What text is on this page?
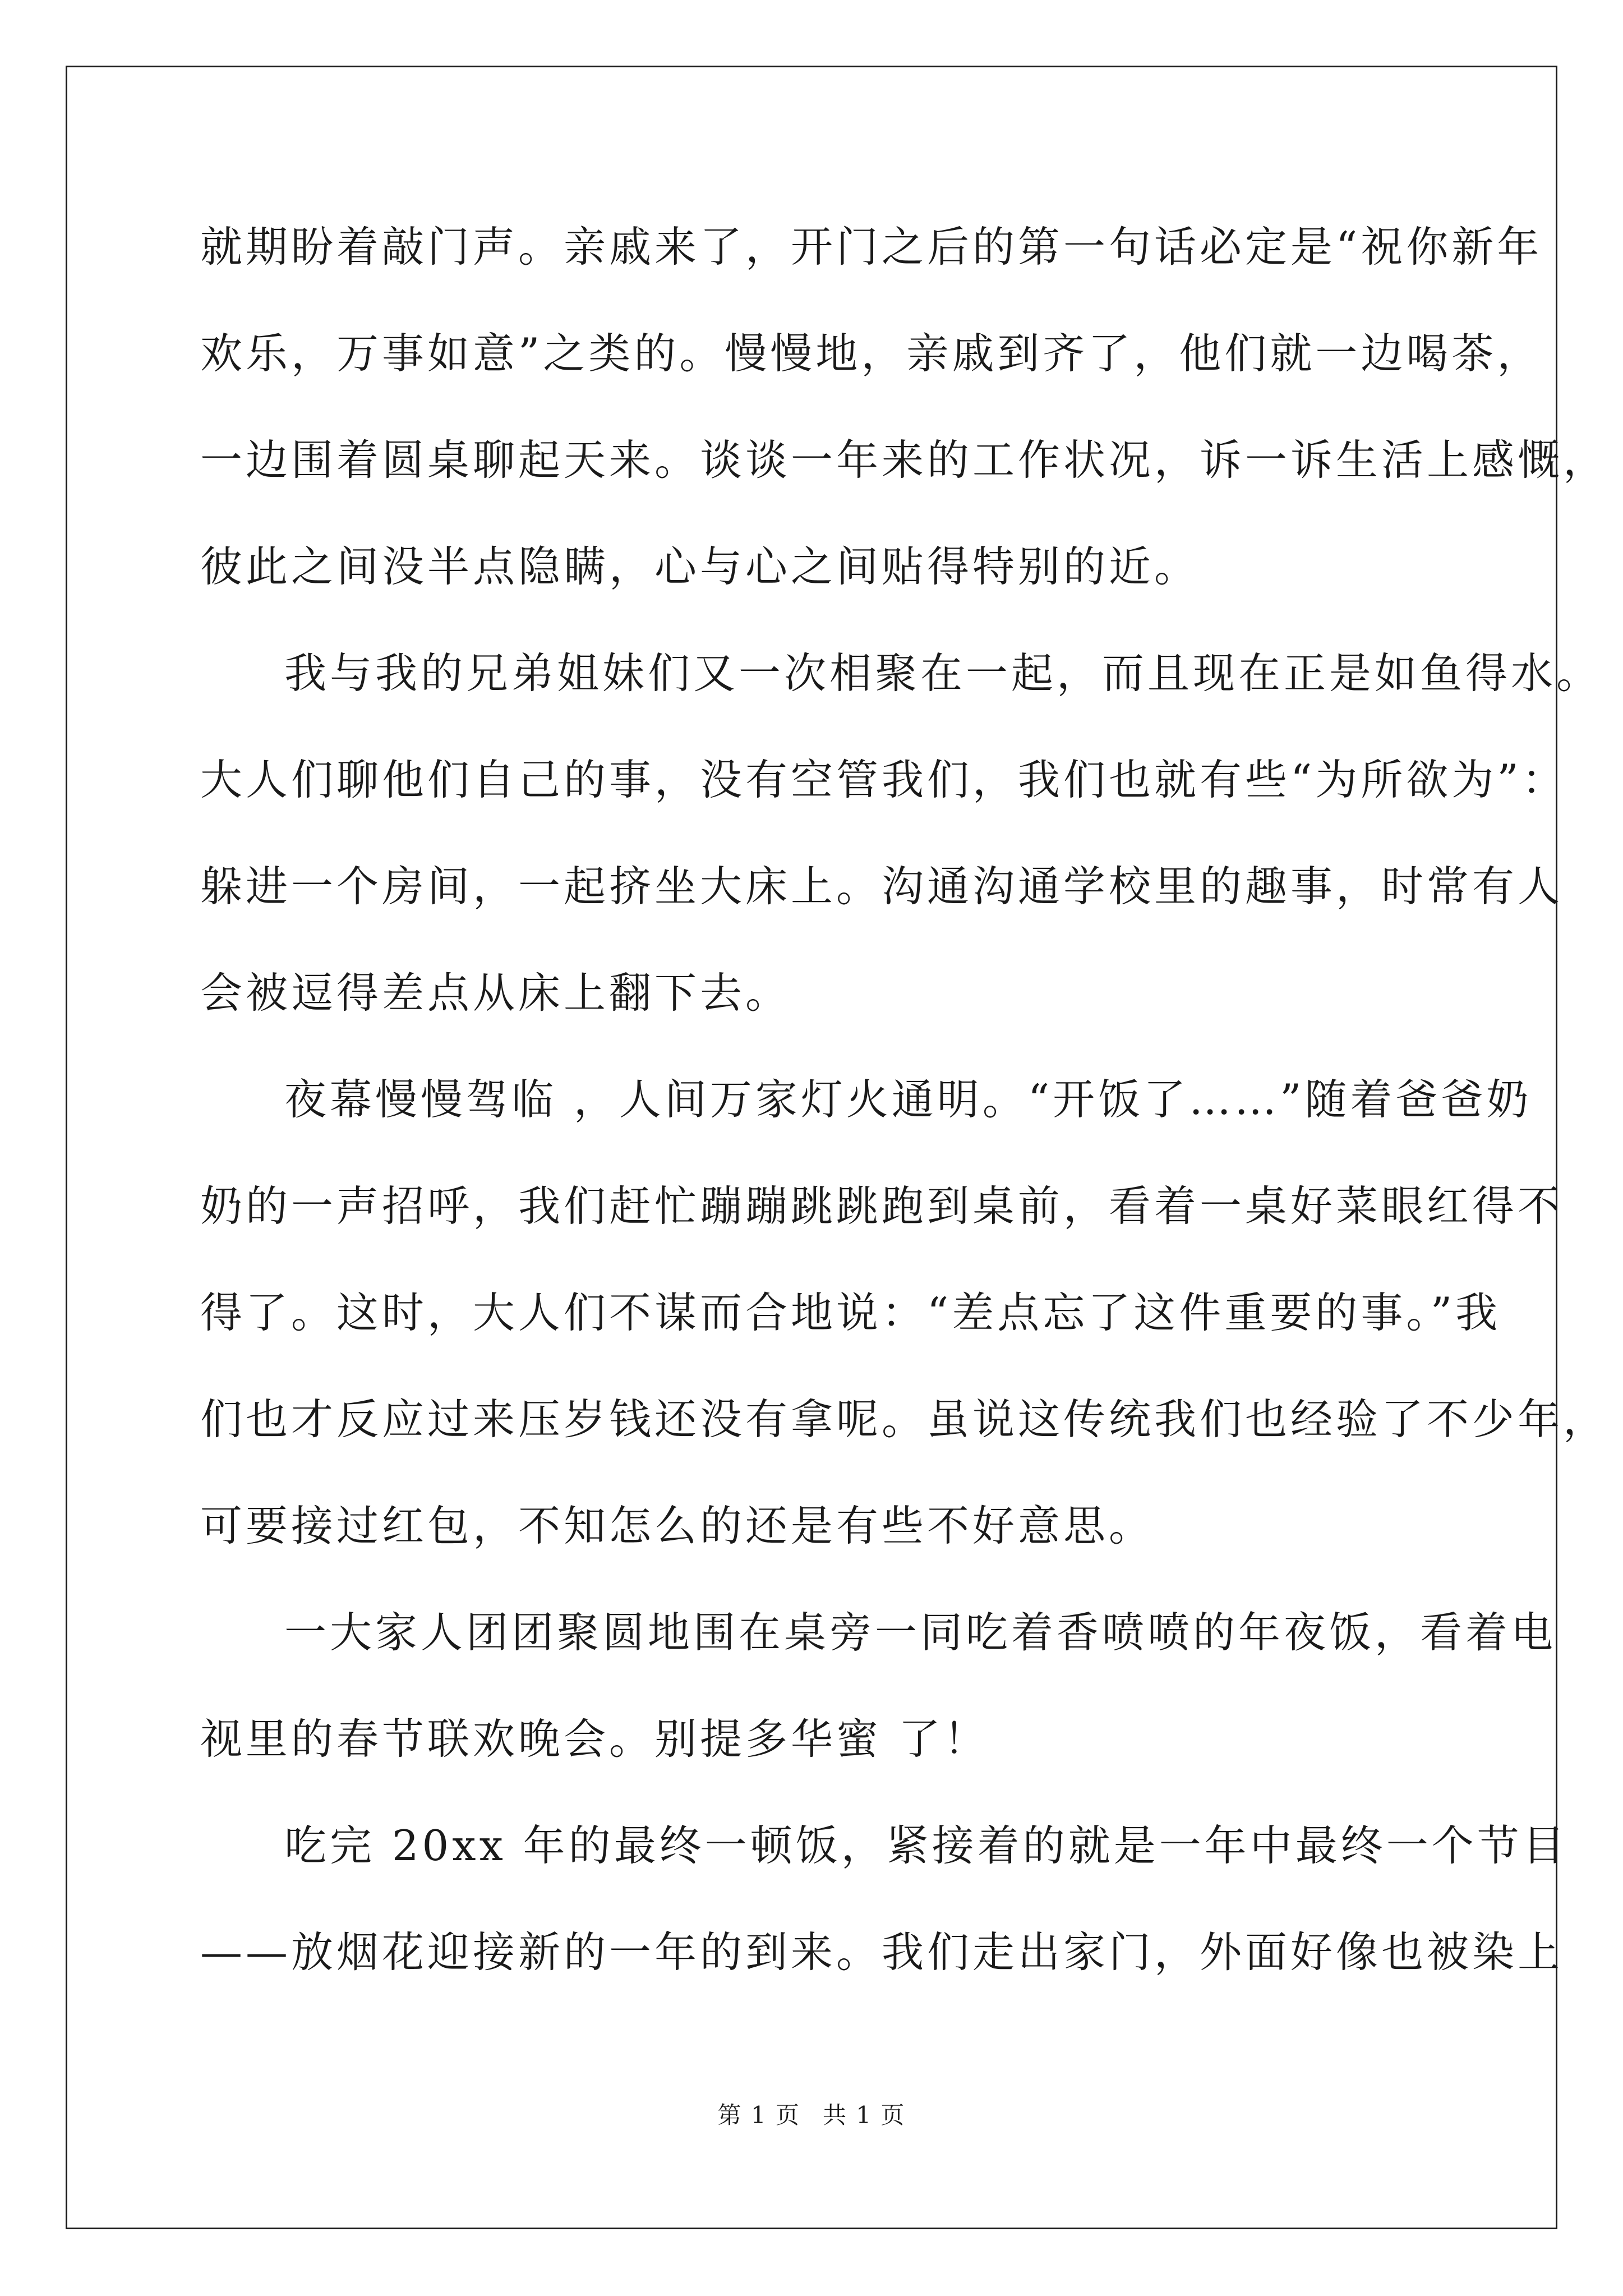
就期盼着敲门声。亲戚来了，开门之后的第一句话必定是“祝你新年
欢乐，万事如意”之类的。慢慢地，亲戚到齐了，他们就一边喝茶，
一边围着圆桌聊起天来。谈谈一年来的工作状况，诉一诉生活上感慨，
彼此之间没半点隐瞒，心与心之间贴得特别的近。
我与我的兄弟姐妹们又一次相聚在一起，而且现在正是如鱼得水。
大人们聊他们自己的事，没有空管我们，我们也就有些“为所欲为”：
躲进一个房间，一起挤坐大床上。沟通沟通学校里的趣事，时常有人
会被逗得差点从床上翻下去。
夜幕慢慢驾临 ，人间万家灯火通明。“开饭了……”随着爸爸奶
奶的一声招呼，我们赶忙蹦蹦跳跳跑到桌前，看着一桌好菜眼红得不
得了。这时，大人们不谋而合地说：“差点忘了这件重要的事。”我
们也才反应过来压岁钱还没有拿呢。虽说这传统我们也经验了不少年，
可要接过红包，不知怎么的还是有些不好意思。
一大家人团团聚圆地围在桌旁一同吃着香喷喷的年夜饭，看着电
视里的春节联欢晚会。别提多华蜜 了！
吃完 20xx 年的最终一顿饭，紧接着的就是一年中最终一个节目
——放烟花迎接新的一年的到来。我们走出家门，外面好像也被染上
第 1 页 共 1 页
